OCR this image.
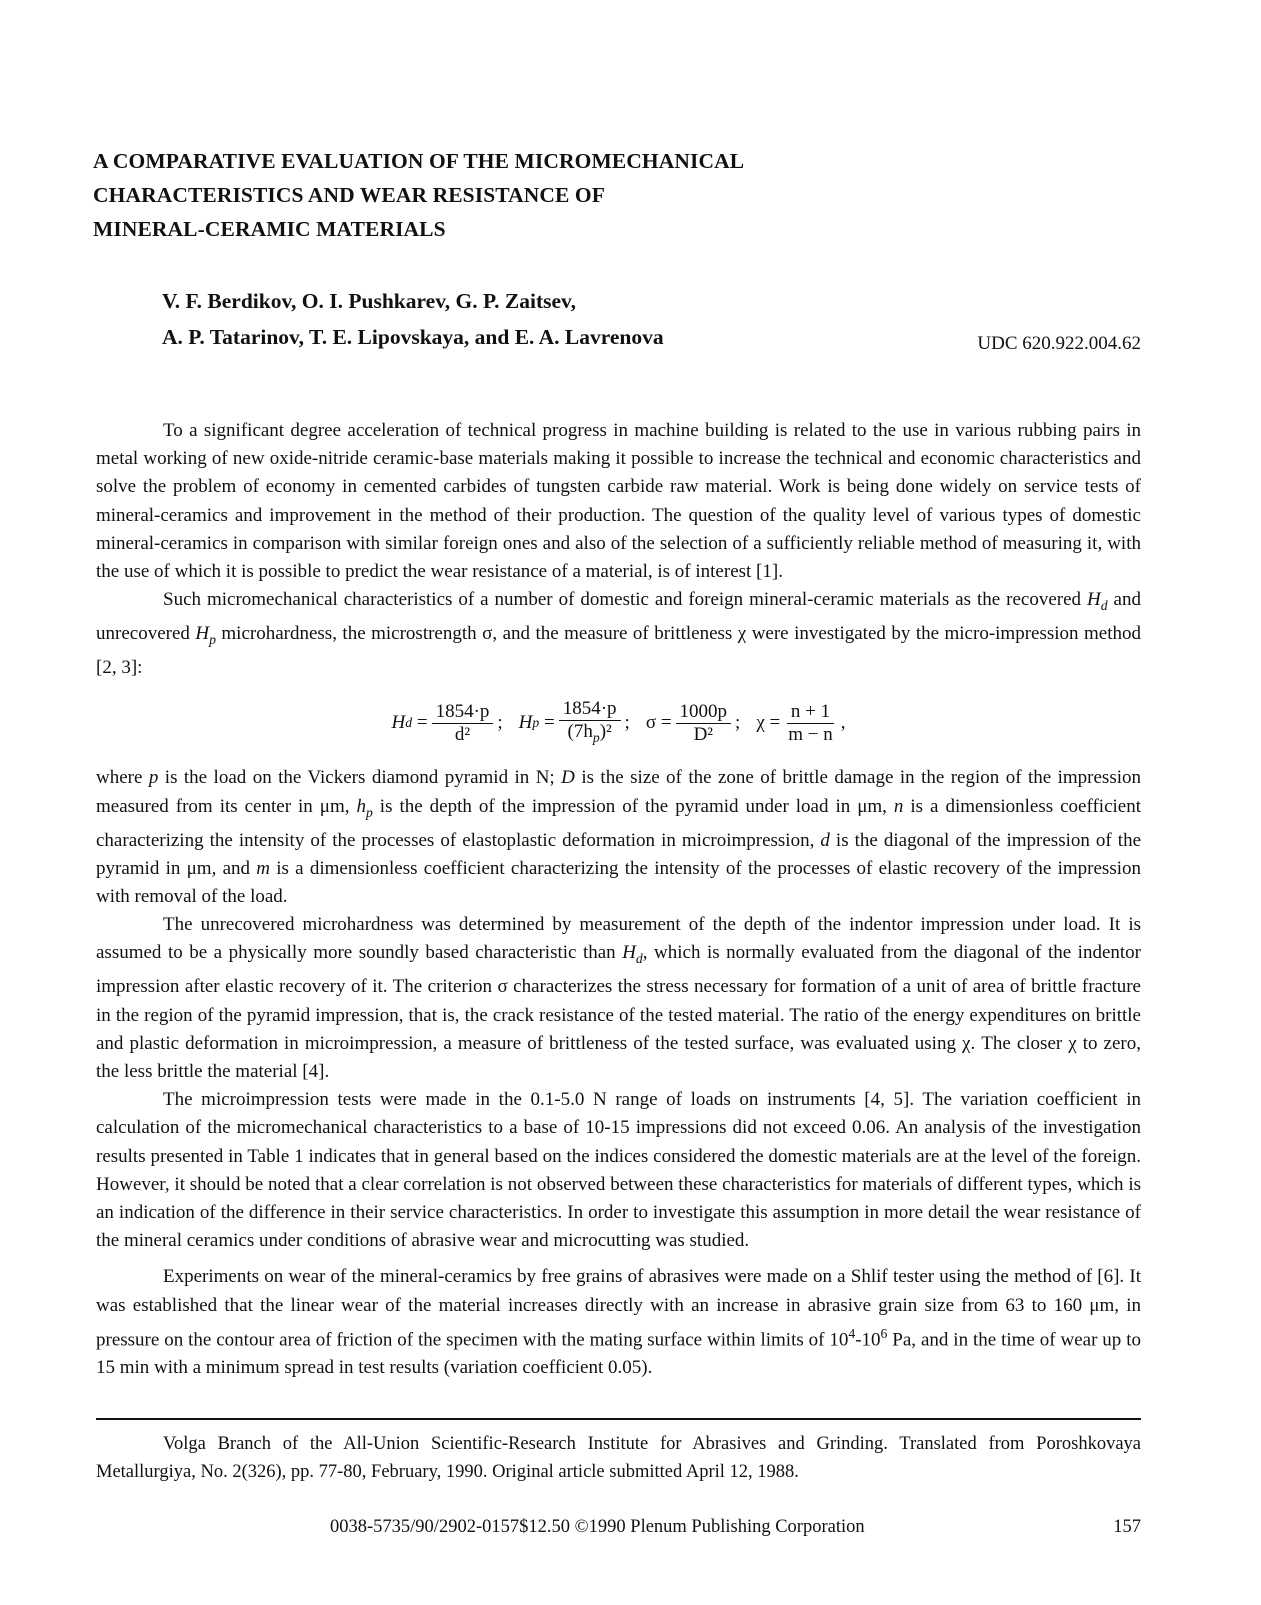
A COMPARATIVE EVALUATION OF THE MICROMECHANICAL
CHARACTERISTICS AND WEAR RESISTANCE OF
MINERAL-CERAMIC MATERIALS
V. F. Berdikov, O. I. Pushkarev, G. P. Zaitsev,
A. P. Tatarinov, T. E. Lipovskaya, and E. A. Lavrenova	UDC 620.922.004.62

To a significant degree acceleration of technical progress in machine building is related to the use in various rubbing pairs in metal working of new oxide-nitride ceramic-base materials making it possible to increase the technical and economic characteristics and solve the problem of economy in cemented carbides of tungsten carbide raw material. Work is being done widely on service tests of mineral-ceramics and improvement in the method of their production. The question of the quality level of various types of domestic mineral-ceramics in comparison with similar foreign ones and also of the selection of a sufficiently reliable method of measuring it, with the use of which it is possible to predict the wear resistance of a material, is of interest [1].

Such micromechanical characteristics of a number of domestic and foreign mineral-ceramic materials as the recovered $H_d$ and unrecovered $H_p$ microhardness, the microstrength σ, and the measure of brittleness χ were investigated by the micro-impression method [2, 3]:

H d
= $\frac{1854\cdot p}{\text{d²}}$ ; H p
= $\frac{1854\cdot p}{(7h_p)^2}$ ; σ
= $\frac{1000p}{\text{D²}}$ ; χ
= $\frac{n + 1}{m - n}$ ,

where p is the load on the Vickers diamond pyramid in N; D is the size of the zone of brittle damage in the region of the impression measured from its center in μm, $h_p$ is the depth of the impression of the pyramid under load in μm, n is a dimensionless coefficient characterizing the intensity of the processes of elastoplastic deformation in microimpression, d is the diagonal of the impression of the pyramid in μm, and m is a dimensionless coefficient characterizing the intensity of the processes of elastic recovery of the impression with removal of the load.

The unrecovered microhardness was determined by measurement of the depth of the indentor impression under load. It is assumed to be a physically more soundly based characteristic than $H_d$, which is normally evaluated from the diagonal of the indentor impression after elastic recovery of it. The criterion σ characterizes the stress necessary for formation of a unit of area of brittle fracture in the region of the pyramid impression, that is, the crack resistance of the tested material. The ratio of the energy expenditures on brittle and plastic deformation in microimpression, a measure of brittleness of the tested surface, was evaluated using χ. The closer χ to zero, the less brittle the material [4].

The microimpression tests were made in the 0.1-5.0 N range of loads on instruments [4, 5]. The variation coefficient in calculation of the micromechanical characteristics to a base of 10-15 impressions did not exceed 0.06. An analysis of the investigation results presented in Table 1 indicates that in general based on the indices considered the domestic materials are at the level of the foreign. However, it should be noted that a clear correlation is not observed between these characteristics for materials of different types, which is an indication of the difference in their service characteristics. In order to investigate this assumption in more detail the wear resistance of the mineral ceramics under conditions of abrasive wear and microcutting was studied.

Experiments on wear of the mineral-ceramics by free grains of abrasives were made on a Shlif tester using the method of [6]. It was established that the linear wear of the material increases directly with an increase in abrasive grain size from 63 to 160 μm, in pressure on the contour area of friction of the specimen with the mating surface within limits of $10^4-10^6$ Pa, and in the time of wear up to 15 min with a minimum spread in test results (variation coefficient 0.05).

Volga Branch of the All-Union Scientific-Research Institute for Abrasives and Grinding. Translated from Poroshkovaya Metallurgiya, No. 2(326), pp. 77-80, February, 1990. Original article submitted April 12, 1988.

0038-5735/90/2902-0157$12.50 ©1990 Plenum Publishing Corporation	157
